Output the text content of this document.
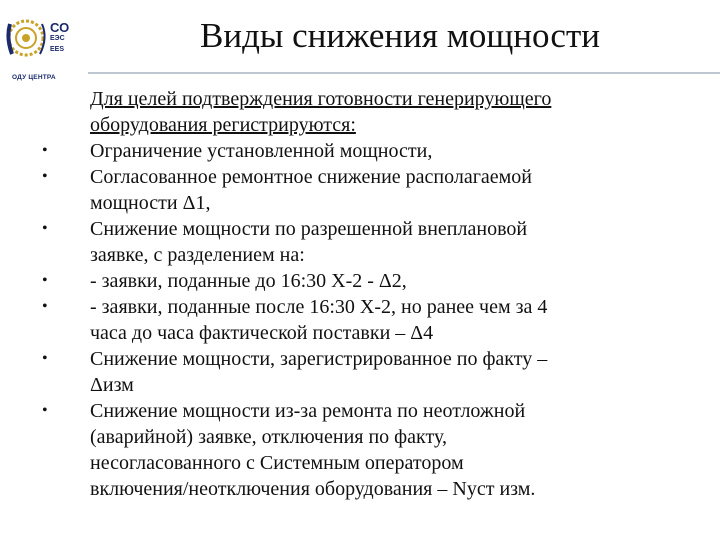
СО
ЕЭС
EES
ОДУ ЦЕНТРА
Виды снижения мощности
Для целей подтверждения готовности генерирующего
оборудования регистрируются:
• Ограничение установленной мощности,
• Согласованное ремонтное снижение располагаемой
мощности Δ1,
• Снижение мощности по разрешенной внеплановой
заявке, с разделением на:
• - заявки, поданные до 16:30 Х-2 - Δ2,
• - заявки, поданные после 16:30 Х-2, но ранее чем за 4
часа до часа фактической поставки – Δ4
• Снижение мощности, зарегистрированное по факту –
Δизм
• Снижение мощности из-за ремонта по неотложной
(аварийной) заявке, отключения по факту,
несогласованного с Системным оператором
включения/неотключения оборудования – Nуст изм.
